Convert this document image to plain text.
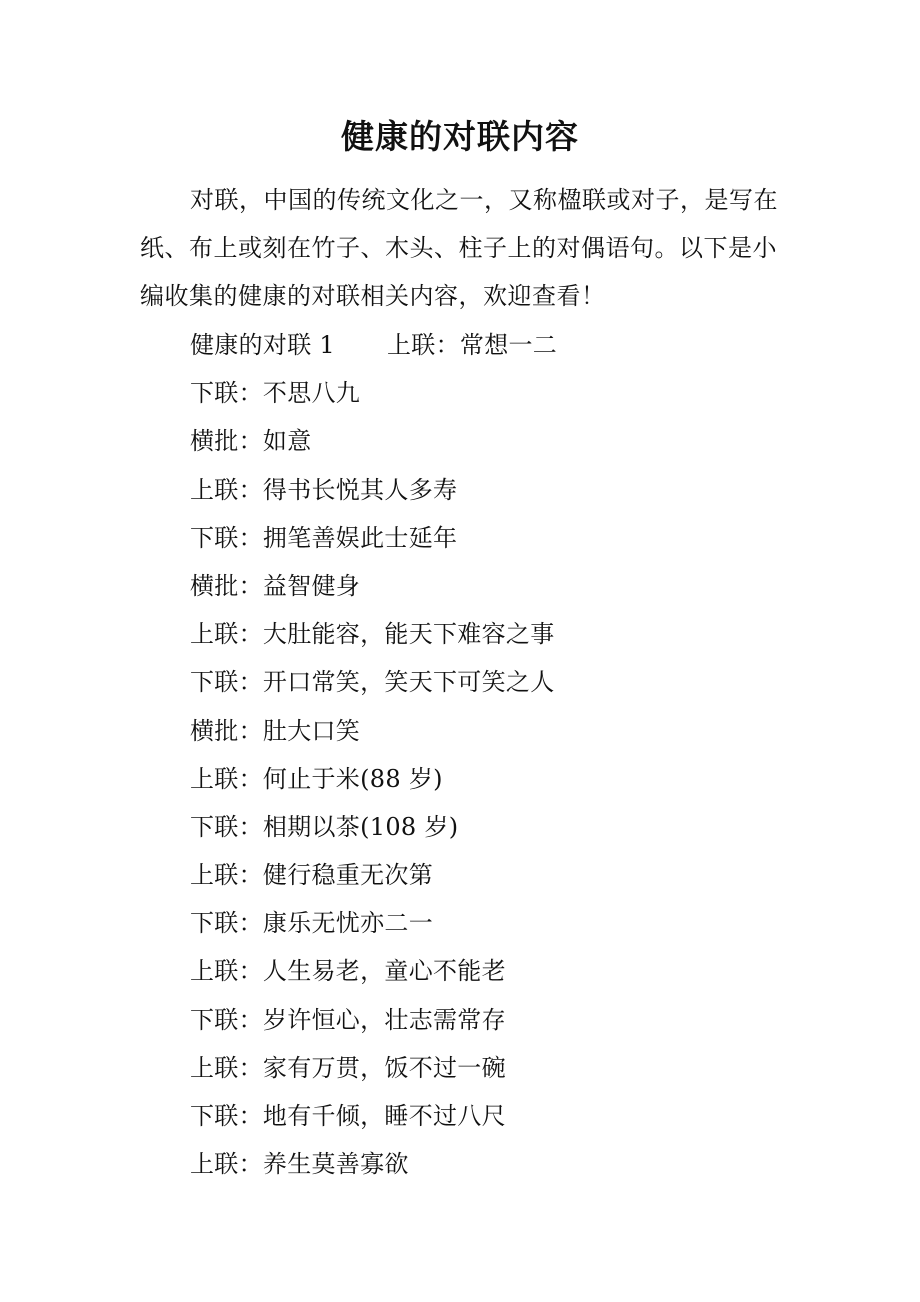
健康的对联内容

对联，中国的传统文化之一，又称楹联或对子，是写在纸、布上或刻在竹子、木头、柱子上的对偶语句。以下是小编收集的健康的对联相关内容，欢迎查看！

健康的对联 1 上联：常想一二
下联：不思八九
横批：如意
上联：得书长悦其人多寿
下联：拥笔善娱此士延年
横批：益智健身
上联：大肚能容，能天下难容之事
下联：开口常笑，笑天下可笑之人
横批：肚大口笑
上联：何止于米(88 岁)
下联：相期以茶(108 岁)
上联：健行稳重无次第
下联：康乐无忧亦二一
上联：人生易老，童心不能老
下联：岁许恒心，壮志需常存
上联：家有万贯，饭不过一碗
下联：地有千倾，睡不过八尺
上联：养生莫善寡欲
